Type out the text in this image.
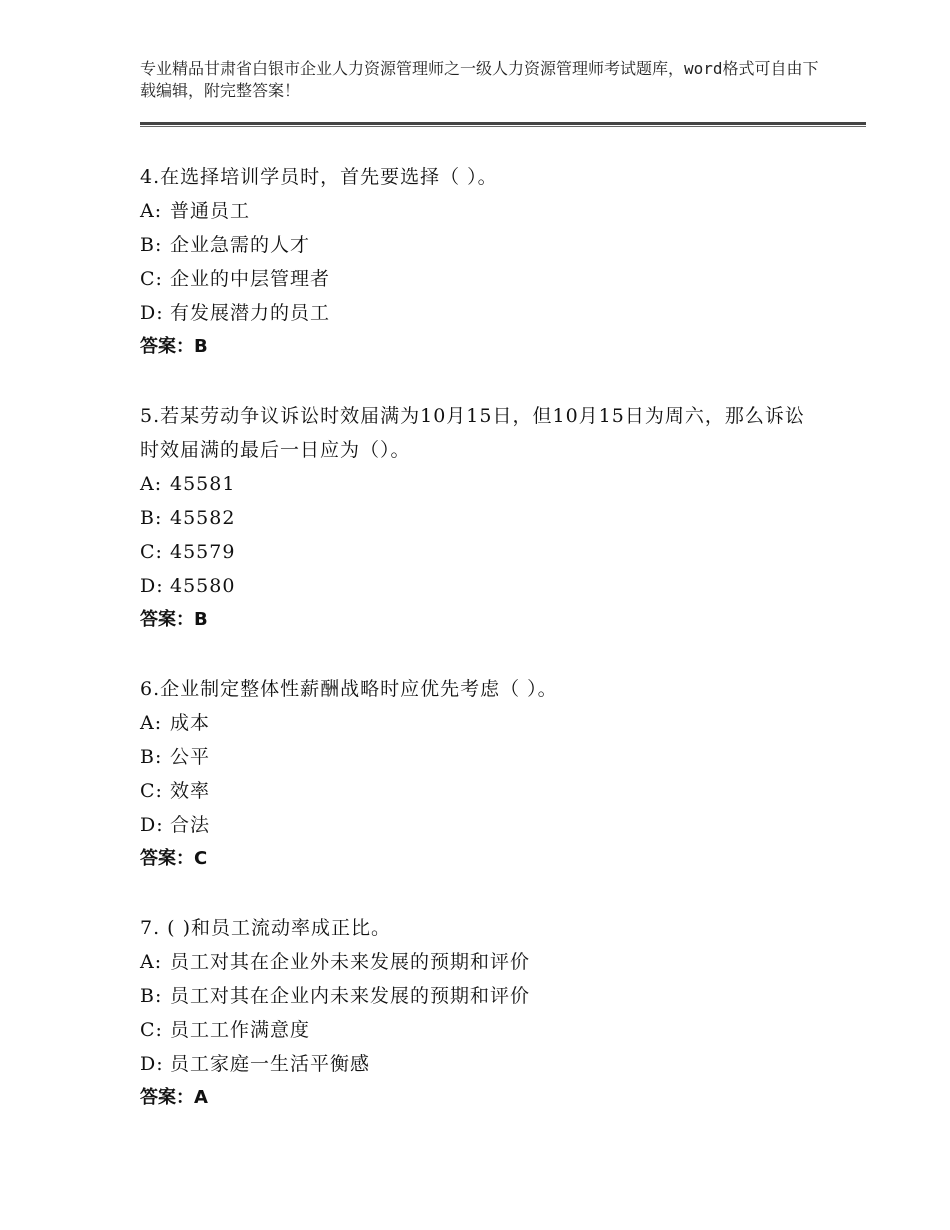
专业精品甘肃省白银市企业人力资源管理师之一级人力资源管理师考试题库，word格式可自由下载编辑，附完整答案！
4.在选择培训学员时，首先要选择（ ）。
A: 普通员工
B: 企业急需的人才
C: 企业的中层管理者
D: 有发展潜力的员工
答案：B
5.若某劳动争议诉讼时效届满为10月15日，但10月15日为周六，那么诉讼时效届满的最后一日应为（）。
A: 45581
B: 45582
C: 45579
D: 45580
答案：B
6.企业制定整体性薪酬战略时应优先考虑（ ）。
A: 成本
B: 公平
C: 效率
D: 合法
答案：C
7. ( )和员工流动率成正比。
A: 员工对其在企业外未来发展的预期和评价
B: 员工对其在企业内未来发展的预期和评价
C: 员工工作满意度
D: 员工家庭一生活平衡感
答案：A
